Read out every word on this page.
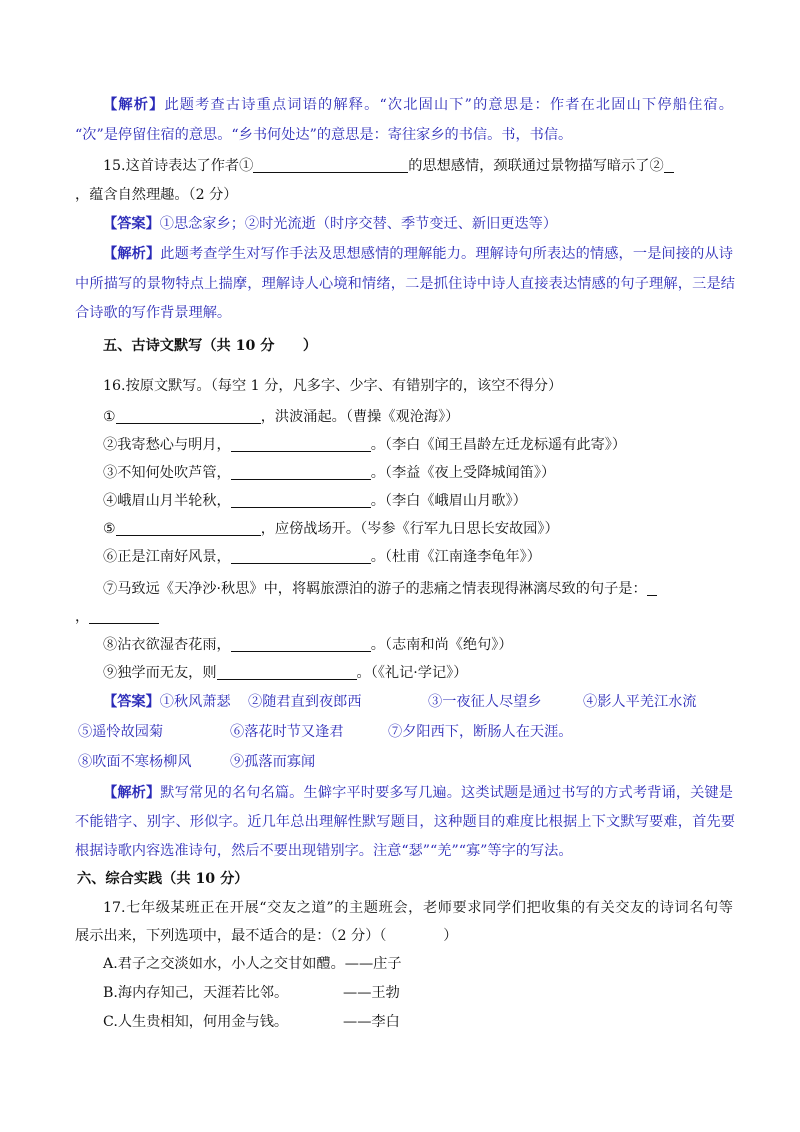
【解析】此题考查古诗重点词语的解释。“次北固山下”的意思是：作者在北固山下停船住宿。
“次”是停留住宿的意思。“乡书何处达”的意思是：寄往家乡的书信。书，书信。
15.这首诗表达了作者①	的思想感情，颈联通过景物描写暗示了②
，蕴含自然理趣。（2 分）
【答案】①思念家乡；②时光流逝（时序交替、季节变迁、新旧更迭等）
【解析】此题考查学生对写作手法及思想感情的理解能力。理解诗句所表达的情感，一是间接的从诗
中所描写的景物特点上揣摩，理解诗人心境和情绪，二是抓住诗中诗人直接表达情感的句子理解，三是结
合诗歌的写作背景理解。
五、古诗文默写（共 10 分　　）
16.按原文默写。（每空 1 分，凡多字、少字、有错别字的，该空不得分）
①	，洪波涌起。（曹操《观沧海》）
②我寄愁心与明月，	。（李白《闻王昌龄左迁龙标遥有此寄》）
③不知何处吹芦管，	。（李益《夜上受降城闻笛》）
④峨眉山月半轮秋，	。（李白《峨眉山月歌》）
⑤	，应傍战场开。（岑参《行军九日思长安故园》）
⑥正是江南好风景，	。（杜甫《江南逢李龟年》）
⑦马致远《天净沙·秋思》中，将羁旅漂泊的游子的悲痛之情表现得淋漓尽致的句子是：
，
⑧沾衣欲湿杏花雨，	。（志南和尚《绝句》）
⑨独学而无友，则	。（《礼记·学记》）
【答案】①秋风萧瑟 ②随君直到夜郎西	③一夜征人尽望乡	④影人平羌江水流
⑤遥怜故园菊	⑥落花时节又逢君	⑦夕阳西下，断肠人在天涯。
⑧吹面不寒杨柳风	⑨孤落而寡闻
【解析】默写常见的名句名篇。生僻字平时要多写几遍。这类试题是通过书写的方式考背诵，关键是
不能错字、别字、形似字。近几年总出理解性默写题目，这种题目的难度比根据上下文默写要难，首先要
根据诗歌内容选准诗句，然后不要出现错别字。注意“瑟”“羌”“寡”等字的写法。
六、综合实践（共 10 分）
17.七年级某班正在开展“交友之道”的主题班会，老师要求同学们把收集的有关交友的诗词名句等
展示出来，下列选项中，最不适合的是：（2 分）（　　　　）
A.君子之交淡如水，小人之交甘如醴。——庄子
B.海内存知己，天涯若比邻。	——王勃
C.人生贵相知，何用金与钱。	——李白
